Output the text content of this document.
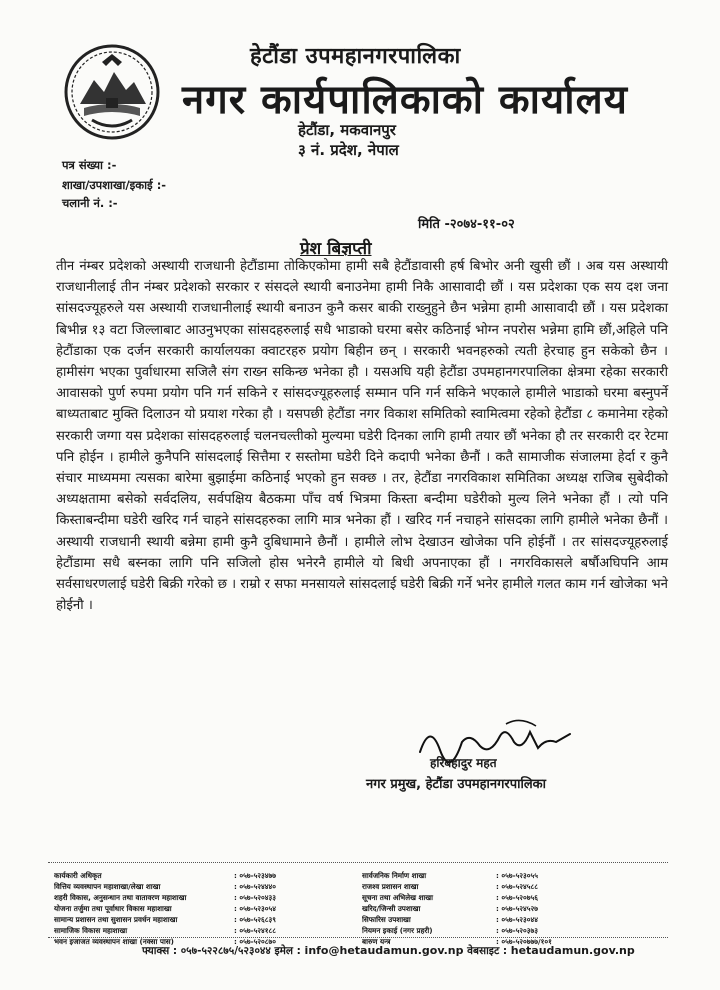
हेटौंडा उपमहानगरपालिका
नगर कार्यपालिकाको कार्यालय
हेटौंडा, मकवानपुर
३ नं. प्रदेश, नेपाल
पत्र संख्या :-
शाखा/उपशाखा/इकाई :-
चलानी नं. :-
मिति -२०७४-११-०२
प्रेश बिज्ञप्ती

तीन नंम्बर प्रदेशको अस्थायी राजधानी हेटौंडामा तोकिएकोमा हामी सबै हेटौंडावासी हर्ष बिभोर अनी खुसी छौं । अब यस अस्थायी राजधानीलाई तीन नंम्बर प्रदेशको सरकार र संसदले स्थायी बनाउनेमा हामी निकै आसावादी छौं । यस प्रदेशका एक सय दश जना सांसदज्यूहरुले यस अस्थायी राजधानीलाई स्थायी बनाउन कुनै कसर बाकी राख्नुहुने छैन भन्नेमा हामी आसावादी छौं । यस प्रदेशका बिभीन्न १३ वटा जिल्लाबाट आउनुभएका सांसदहरुलाई सधै भाडाको घरमा बसेर कठिनाई भोग्न नपरोस भन्नेमा हामि छौं,अहिले पनि हेटौंडाका एक दर्जन सरकारी कार्यालयका क्वाटरहरु प्रयोग बिहीन छन् । सरकारी भवनहरुको त्यती हेरचाह हुन सकेको छैन । हामीसंग भएका पुर्वाधारमा सजिलै संग राख्न सकिन्छ भनेका हौ । यसअघि यही हेटौंडा उपमहानगरपालिका क्षेत्रमा रहेका सरकारी आवासको पुर्ण रुपमा प्रयोग पनि गर्न सकिने र सांसदज्यूहरुलाई सम्मान पनि गर्न सकिने भएकाले हामीले भाडाको घरमा बस्नुपर्ने बाध्यताबाट मुक्ति दिलाउन यो प्रयाश गरेका हौ । यसपछी हेटौंडा नगर विकाश समितिको स्वामित्वमा रहेको हेटौंडा ८ कमानेमा रहेको सरकारी जग्गा यस प्रदेशका सांसदहरुलाई चलनचल्तीको मुल्यमा घडेरी दिनका लागि हामी तयार छौं भनेका हौ तर सरकारी दर रेटमा पनि होईन । हामीले कुनैपनि सांसदलाई सित्तैमा र सस्तोमा घडेरी दिने कदापी भनेका छैनौं । कतै सामाजीक संजालमा हेर्दा र कुनै संचार माध्यममा त्यसका बारेमा बुझाईमा कठिनाई भएको हुन सक्छ । तर, हेटौंडा नगरविकाश समितिका अध्यक्ष राजिब सुबेदीको अध्यक्षतामा बसेको सर्वदलिय, सर्वपक्षिय बैठकमा पाँच वर्ष भित्रमा किस्ता बन्दीमा घडेरीको मुल्य लिने भनेका हौं । त्यो पनि किस्ताबन्दीमा घडेरी खरिद गर्न चाहने सांसदहरुका लागि मात्र भनेका हौं । खरिद गर्न नचाहने सांसदका लागि हामीले भनेका छैनौं । अस्थायी राजधानी स्थायी बन्नेमा हामी कुनै दुबिधामाने छैनौं । हामीले लोभ देखाउन खोजेका पनि होईनौं । तर सांसदज्यूहरुलाई हेटौंडामा सधै बस्नका लागि पनि सजिलो होस भनेरनै हामीले यो बिधी अपनाएका हौं । नगरविकासले बर्षौअघिपनि आम सर्वसाधरणलाई घडेरी बिक्री गरेको छ । राम्रो र सफा मनसायले सांसदलाई घडेरी बिक्री गर्ने भनेर हामीले गलत काम गर्न खोजेका भने होईनौ ।

हरिबहादुर महत
नगर प्रमुख, हेटौंडा उपमहानगरपालिका
कार्यकारी अधिकृत
वित्तिय व्यवस्थापन महाशाखा/लेखा शाखा
शहरी विकास, अनुसन्धान तथा वातावरण महाशाखा
योजना तर्जुमा तथा पूर्वाधार विकास महाशाखा
सामान्य प्रशासन तथा सुशासन प्रवर्धन महाशाखा
सामाजिक विकास महाशाखा
भवन इजाजत व्यवस्थापन शाखा (नक्सा पास)
: ०५७-५२३४७७
: ०५७-५२४४४०
: ०५७-५२०४३३
: ०५७-५२३०५४
: ०५७-५२६८३९
: ०५७-५२४१८८
: ०५७-५२०८७०
सार्वजनिक निर्माण शाखा
राजश्व प्रशासन शाखा
सूचना तथा अभिलेख शाखा
खरिद/जिन्सी उपशाखा
सिफारिस उपशाखा
नियमन इकाई (नगर प्रहरी)
बारुण यन्त्र
: ०५७-५२३०५५
: ०५७-५२४५८८
: ०५७-५२०७५६
: ०५७-५२४५२७
: ०५७-५२३०४४
: ०५७-५२०३७३
: ०५७-५२०७७७/१०१
फ्याक्स : ०५७-५२२८७५/५२३०४४ इमेल : info@hetaudamun.gov.np वेबसाइट : hetaudamun.gov.np
